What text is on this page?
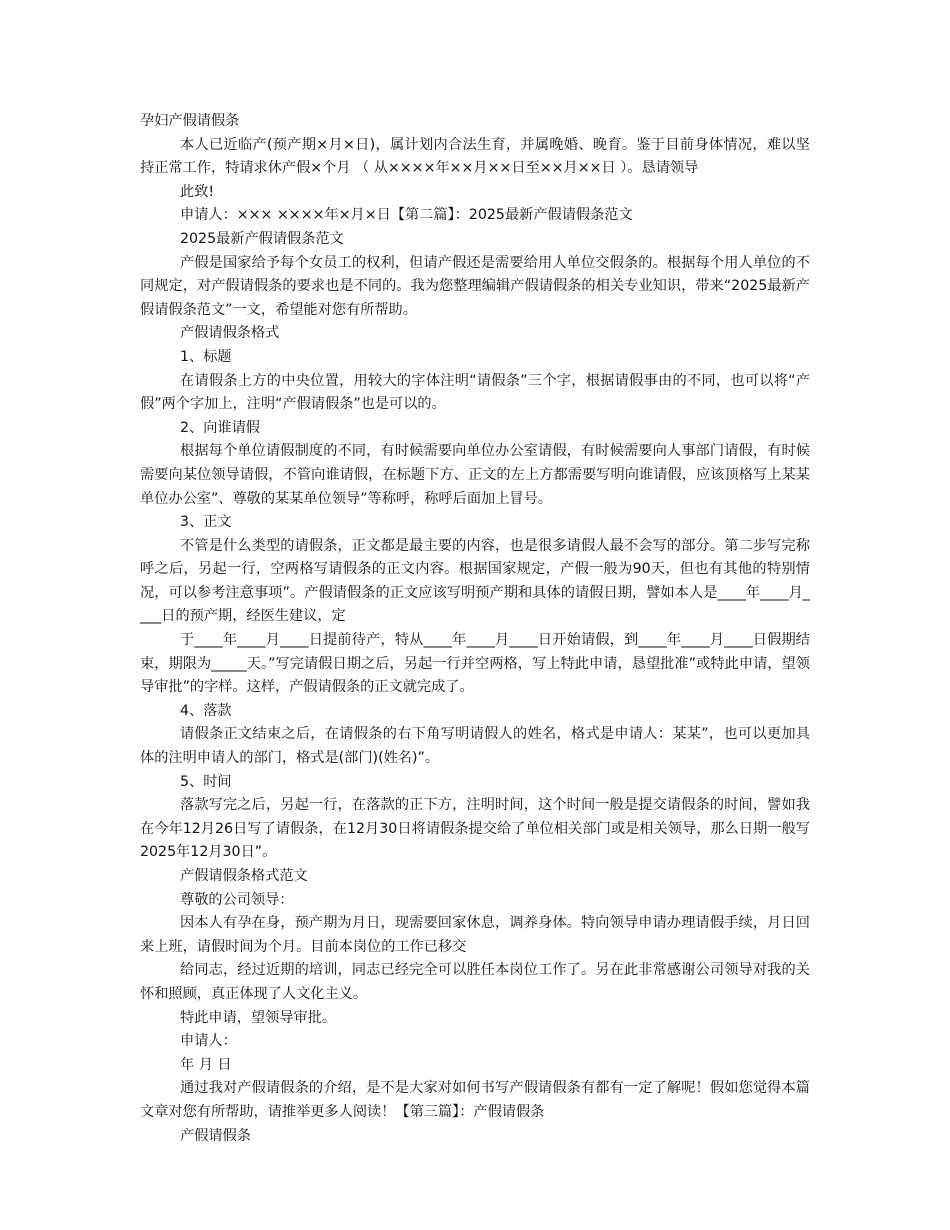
孕妇产假请假条

本人已近临产(预产期×月×日)，属计划内合法生育，并属晚婚、晚育。鉴于目前身体情况，难以坚持正常工作，特请求休产假×个月 （ 从××××年××月××日至××月××日 ）。恳请领导

此致!

申请人：××× ××××年×月×日【第二篇】：2025最新产假请假条范文

2025最新产假请假条范文

产假是国家给予每个女员工的权利，但请产假还是需要给用人单位交假条的。根据每个用人单位的不同规定，对产假请假条的要求也是不同的。我为您整理编辑产假请假条的相关专业知识，带来“2025最新产假请假条范文”一文，希望能对您有所帮助。

产假请假条格式

1、标题

在请假条上方的中央位置，用较大的字体注明“请假条”三个字，根据请假事由的不同，也可以将“产假”两个字加上，注明“产假请假条”也是可以的。

2、向谁请假

根据每个单位请假制度的不同，有时候需要向单位办公室请假，有时候需要向人事部门请假，有时候需要向某位领导请假，不管向谁请假，在标题下方、正文的左上方都需要写明向谁请假，应该顶格写上某某单位办公室”、尊敬的某某单位领导”等称呼，称呼后面加上冒号。

3、正文

不管是什么类型的请假条，正文都是最主要的内容，也是很多请假人最不会写的部分。第二步写完称呼之后，另起一行，空两格写请假条的正文内容。根据国家规定，产假一般为90天，但也有其他的特别情况，可以参考注意事项”。产假请假条的正文应该写明预产期和具体的请假日期，譬如本人是____年____月____日的预产期，经医生建议，定

于____年____月____日提前待产，特从____年____月____日开始请假，到____年____月____日假期结束，期限为_____天。”写完请假日期之后，另起一行并空两格，写上特此申请，恳望批准”或特此申请，望领导审批”的字样。这样，产假请假条的正文就完成了。

4、落款

请假条正文结束之后，在请假条的右下角写明请假人的姓名，格式是申请人：某某”，也可以更加具体的注明申请人的部门，格式是(部门)(姓名)”。

5、时间

落款写完之后，另起一行，在落款的正下方，注明时间，这个时间一般是提交请假条的时间，譬如我在今年12月26日写了请假条，在12月30日将请假条提交给了单位相关部门或是相关领导，那么日期一般写2025年12月30日”。

产假请假条格式范文

尊敬的公司领导：

因本人有孕在身，预产期为月日，现需要回家休息，调养身体。特向领导申请办理请假手续，月日回来上班，请假时间为个月。目前本岗位的工作已移交

给同志，经过近期的培训，同志已经完全可以胜任本岗位工作了。另在此非常感谢公司领导对我的关怀和照顾，真正体现了人文化主义。

特此申请，望领导审批。

申请人：

年 月 日

通过我对产假请假条的介绍，是不是大家对如何书写产假请假条有都有一定了解呢！假如您觉得本篇文章对您有所帮助，请推举更多人阅读！【第三篇】：产假请假条

产假请假条
